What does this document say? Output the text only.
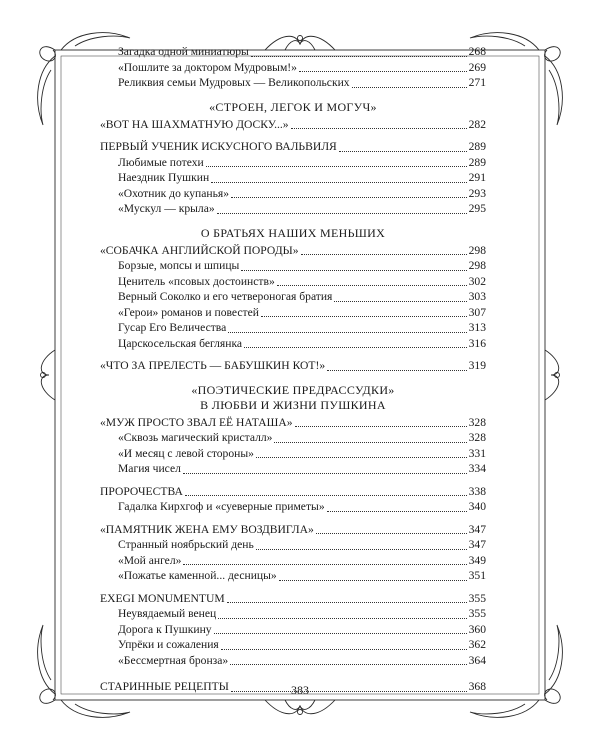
Загадка одной миниатюры	268
«Пошлите за доктором Мудровым!»	269
Реликвия семьи Мудровых — Великопольских	271
«СТРОЕН, ЛЕГОК И МОГУЧ»
«ВОТ НА ШАХМАТНУЮ ДОСКУ...»	282
ПЕРВЫЙ УЧЕНИК ИСКУСНОГО ВАЛЬВИЛЯ	289
Любимые потехи	289
Наездник Пушкин	291
«Охотник до купанья»	293
«Мускул — крыла»	295
О БРАТЬЯХ НАШИХ МЕНЬШИХ
«СОБАЧКА АНГЛИЙСКОЙ ПОРОДЫ»	298
Борзые, мопсы и шпицы	298
Ценитель «псовых достоинств»	302
Верный Соколко и его четвероногая братия	303
«Герои» романов и повестей	307
Гусар Его Величества	313
Царскосельская беглянка	316
«ЧТО ЗА ПРЕЛЕСТЬ — БАБУШКИН КОТ!»	319
«ПОЭТИЧЕСКИЕ ПРЕДРАССУДКИ»
В ЛЮБВИ И ЖИЗНИ ПУШКИНА
«МУЖ ПРОСТО ЗВАЛ ЕЁ НАТАША»	328
«Сквозь магический кристалл»	328
«И месяц с левой стороны»	331
Магия чисел	334
ПРОРОЧЕСТВА	338
Гадалка Кирхгоф и «суеверные приметы»	340
«ПАМЯТНИК ЖЕНА ЕМУ ВОЗДВИГЛА»	347
Странный ноябрьский день	347
«Мой ангел»	349
«Пожатье каменной... десницы»	351
EXEGI MONUMENTUM	355
Неувядаемый венец	355
Дорога к Пушкину	360
Упрёки и сожаления	362
«Бессмертная бронза»	364
СТАРИННЫЕ РЕЦЕПТЫ	368
383
